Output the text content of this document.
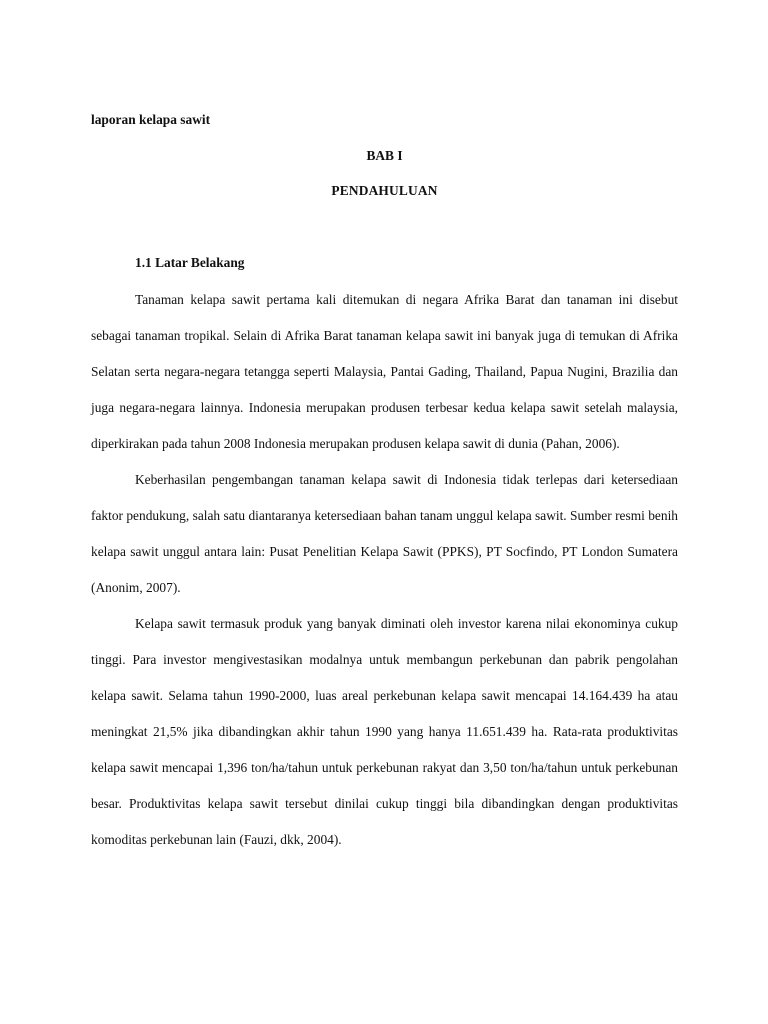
laporan kelapa sawit

BAB I

PENDAHULUAN

1.1 Latar Belakang

Tanaman kelapa sawit pertama kali ditemukan di negara Afrika Barat dan tanaman ini disebut sebagai tanaman tropikal. Selain di Afrika Barat tanaman kelapa sawit ini banyak juga di temukan di Afrika Selatan serta negara-negara tetangga seperti Malaysia, Pantai Gading, Thailand, Papua Nugini, Brazilia dan juga negara-negara lainnya. Indonesia merupakan produsen terbesar kedua kelapa sawit setelah malaysia, diperkirakan pada tahun 2008 Indonesia merupakan produsen kelapa sawit di dunia (Pahan, 2006).

Keberhasilan pengembangan tanaman kelapa sawit di Indonesia tidak terlepas dari ketersediaan faktor pendukung, salah satu diantaranya ketersediaan bahan tanam unggul kelapa sawit. Sumber resmi benih kelapa sawit unggul antara lain: Pusat Penelitian Kelapa Sawit (PPKS), PT Socfindo, PT London Sumatera (Anonim, 2007).

Kelapa sawit termasuk produk yang banyak diminati oleh investor karena nilai ekonominya cukup tinggi. Para investor mengivestasikan modalnya untuk membangun perkebunan dan pabrik pengolahan kelapa sawit. Selama tahun 1990-2000, luas areal perkebunan kelapa sawit mencapai 14.164.439 ha atau meningkat 21,5% jika dibandingkan akhir tahun 1990 yang hanya 11.651.439 ha. Rata-rata produktivitas kelapa sawit mencapai 1,396 ton/ha/tahun untuk perkebunan rakyat dan 3,50 ton/ha/tahun untuk perkebunan besar. Produktivitas kelapa sawit tersebut dinilai cukup tinggi bila dibandingkan dengan produktivitas komoditas perkebunan lain (Fauzi, dkk, 2004).
